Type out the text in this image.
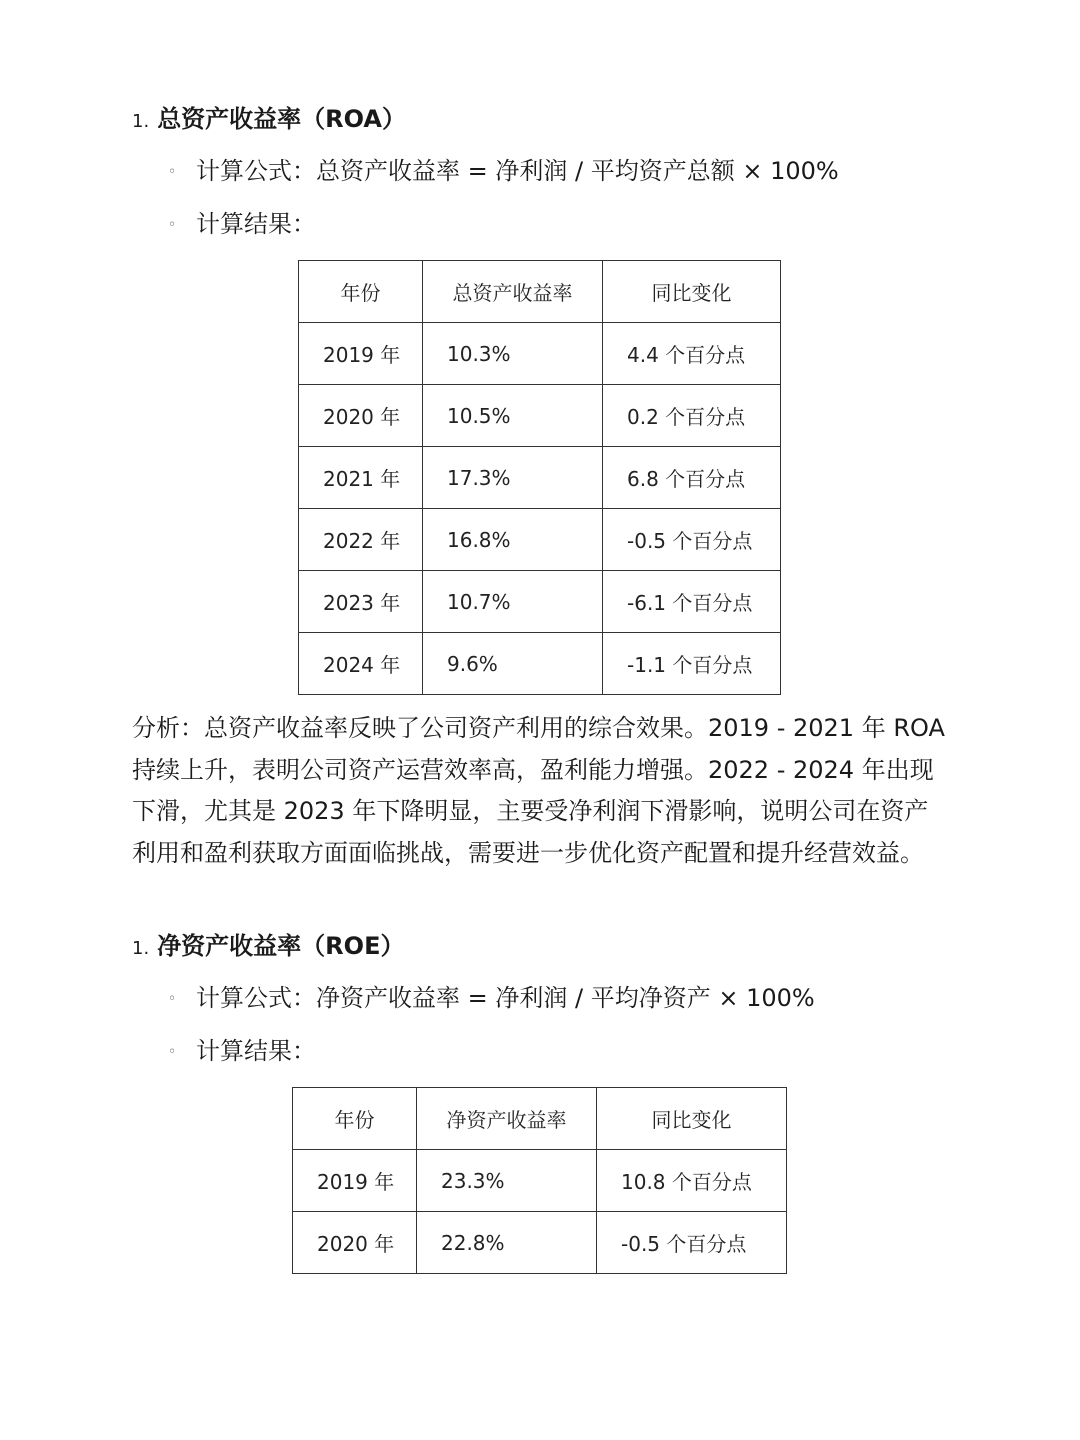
1. 总资产收益率（ROA）
◦ 计算公式：总资产收益率 = 净利润 / 平均资产总额 × 100%
◦ 计算结果：
年份	总资产收益率	同比变化
2019 年	10.3%	4.4 个百分点
2020 年	10.5%	0.2 个百分点
2021 年	17.3%	6.8 个百分点
2022 年	16.8%	-0.5 个百分点
2023 年	10.7%	-6.1 个百分点
2024 年	9.6%	-1.1 个百分点
分析：总资产收益率反映了公司资产利用的综合效果。2019 - 2021 年 ROA 持续上升，表明公司资产运营效率高，盈利能力增强。2022 - 2024 年出现下滑，尤其是 2023 年下降明显，主要受净利润下滑影响，说明公司在资产利用和盈利获取方面面临挑战，需要进一步优化资产配置和提升经营效益。
1. 净资产收益率（ROE）
◦ 计算公式：净资产收益率 = 净利润 / 平均净资产 × 100%
◦ 计算结果：
年份	净资产收益率	同比变化
2019 年	23.3%	10.8 个百分点
2020 年	22.8%	-0.5 个百分点
